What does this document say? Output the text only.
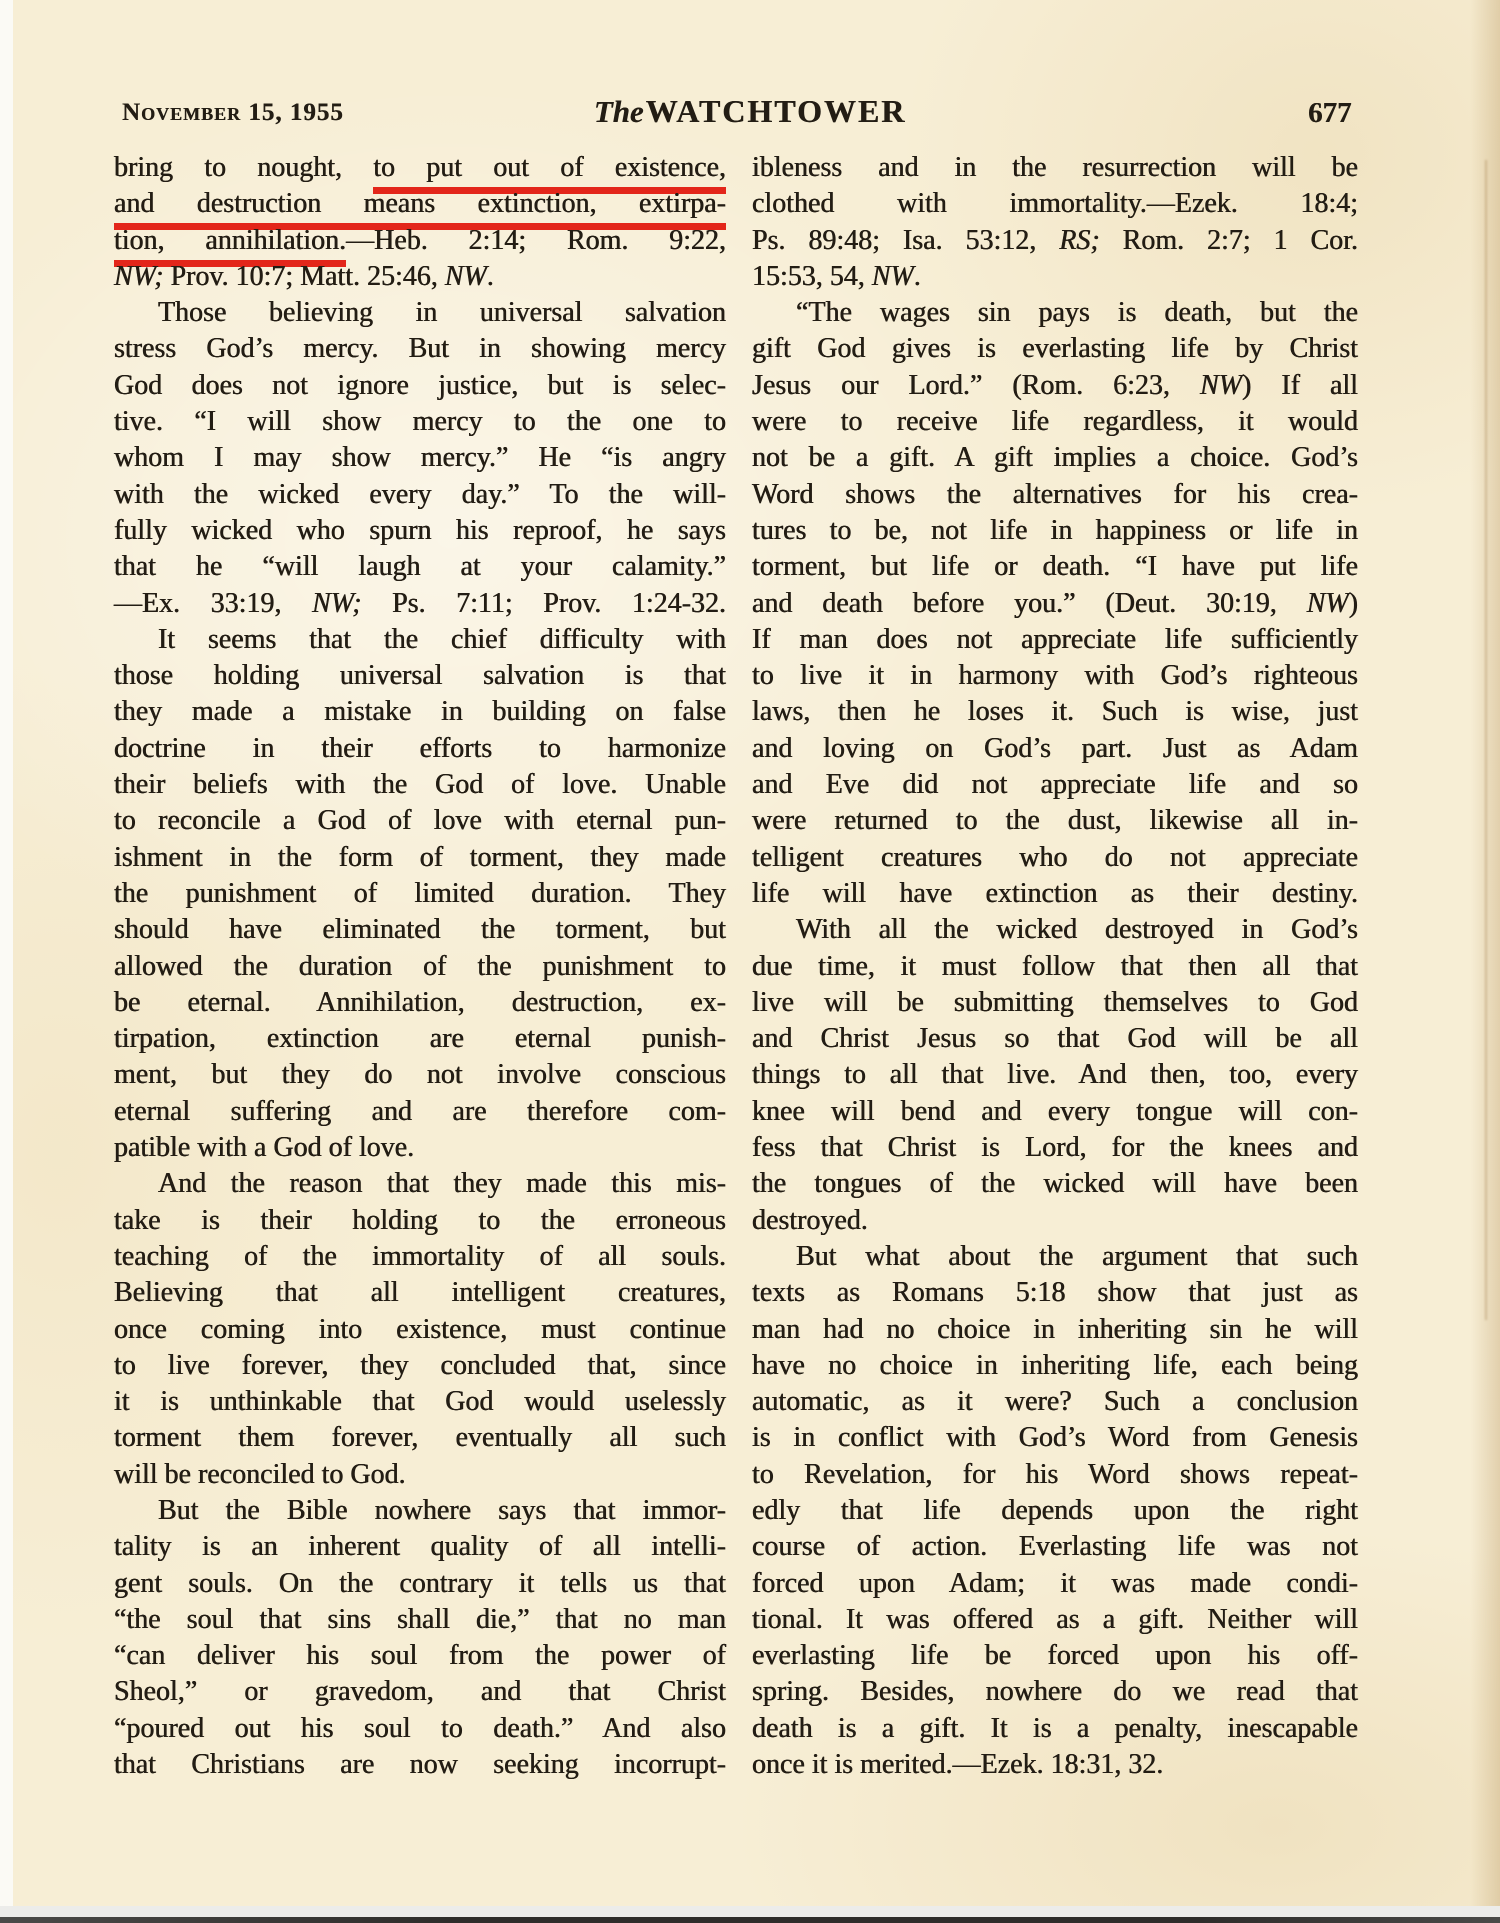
November 15, 1955	TheWATCHTOWER	677
bring to nought, to put out of existence,
and destruction means extinction, extirpa-
tion, annihilation.—Heb. 2:14; Rom. 9:22,
NW; Prov. 10:7; Matt. 25:46, NW.
Those believing in universal salvation
stress God’s mercy. But in showing mercy
God does not ignore justice, but is selec-
tive. “I will show mercy to the one to
whom I may show mercy.” He “is angry
with the wicked every day.” To the will-
fully wicked who spurn his reproof, he says
that he “will laugh at your calamity.”
—Ex. 33:19, NW; Ps. 7:11; Prov. 1:24-32.
It seems that the chief difficulty with
those holding universal salvation is that
they made a mistake in building on false
doctrine in their efforts to harmonize
their beliefs with the God of love. Unable
to reconcile a God of love with eternal pun-
ishment in the form of torment, they made
the punishment of limited duration. They
should have eliminated the torment, but
allowed the duration of the punishment to
be eternal. Annihilation, destruction, ex-
tirpation, extinction are eternal punish-
ment, but they do not involve conscious
eternal suffering and are therefore com-
patible with a God of love.
And the reason that they made this mis-
take is their holding to the erroneous
teaching of the immortality of all souls.
Believing that all intelligent creatures,
once coming into existence, must continue
to live forever, they concluded that, since
it is unthinkable that God would uselessly
torment them forever, eventually all such
will be reconciled to God.
But the Bible nowhere says that immor-
tality is an inherent quality of all intelli-
gent souls. On the contrary it tells us that
“the soul that sins shall die,” that no man
“can deliver his soul from the power of
Sheol,” or gravedom, and that Christ
“poured out his soul to death.” And also
that Christians are now seeking incorrupt-
ibleness and in the resurrection will be
clothed with immortality.—Ezek. 18:4;
Ps. 89:48; Isa. 53:12, RS; Rom. 2:7; 1 Cor.
15:53, 54, NW.
“The wages sin pays is death, but the
gift God gives is everlasting life by Christ
Jesus our Lord.” (Rom. 6:23, NW) If all
were to receive life regardless, it would
not be a gift. A gift implies a choice. God’s
Word shows the alternatives for his crea-
tures to be, not life in happiness or life in
torment, but life or death. “I have put life
and death before you.” (Deut. 30:19, NW)
If man does not appreciate life sufficiently
to live it in harmony with God’s righteous
laws, then he loses it. Such is wise, just
and loving on God’s part. Just as Adam
and Eve did not appreciate life and so
were returned to the dust, likewise all in-
telligent creatures who do not appreciate
life will have extinction as their destiny.
With all the wicked destroyed in God’s
due time, it must follow that then all that
live will be submitting themselves to God
and Christ Jesus so that God will be all
things to all that live. And then, too, every
knee will bend and every tongue will con-
fess that Christ is Lord, for the knees and
the tongues of the wicked will have been
destroyed.
But what about the argument that such
texts as Romans 5:18 show that just as
man had no choice in inheriting sin he will
have no choice in inheriting life, each being
automatic, as it were? Such a conclusion
is in conflict with God’s Word from Genesis
to Revelation, for his Word shows repeat-
edly that life depends upon the right
course of action. Everlasting life was not
forced upon Adam; it was made condi-
tional. It was offered as a gift. Neither will
everlasting life be forced upon his off-
spring. Besides, nowhere do we read that
death is a gift. It is a penalty, inescapable
once it is merited.—Ezek. 18:31, 32.
